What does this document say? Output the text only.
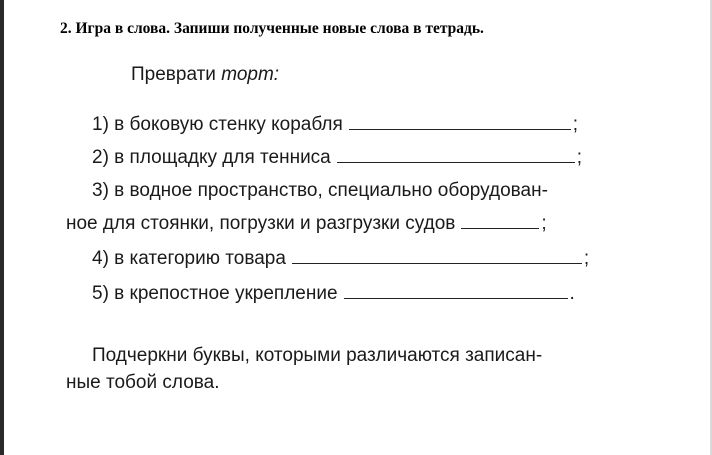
2. Игра в слова. Запиши полученные новые слова в тетрадь.
Преврати торт:
1) в боковую стенку корабля	;
2) в площадку для тенниса	;
3) в водное пространство, специально оборудован-
ное для стоянки, погрузки и разгрузки судов	;
4) в категорию товара	;
5) в крепостное укрепление	.
Подчеркни буквы, которыми различаются записан-
ные тобой слова.
